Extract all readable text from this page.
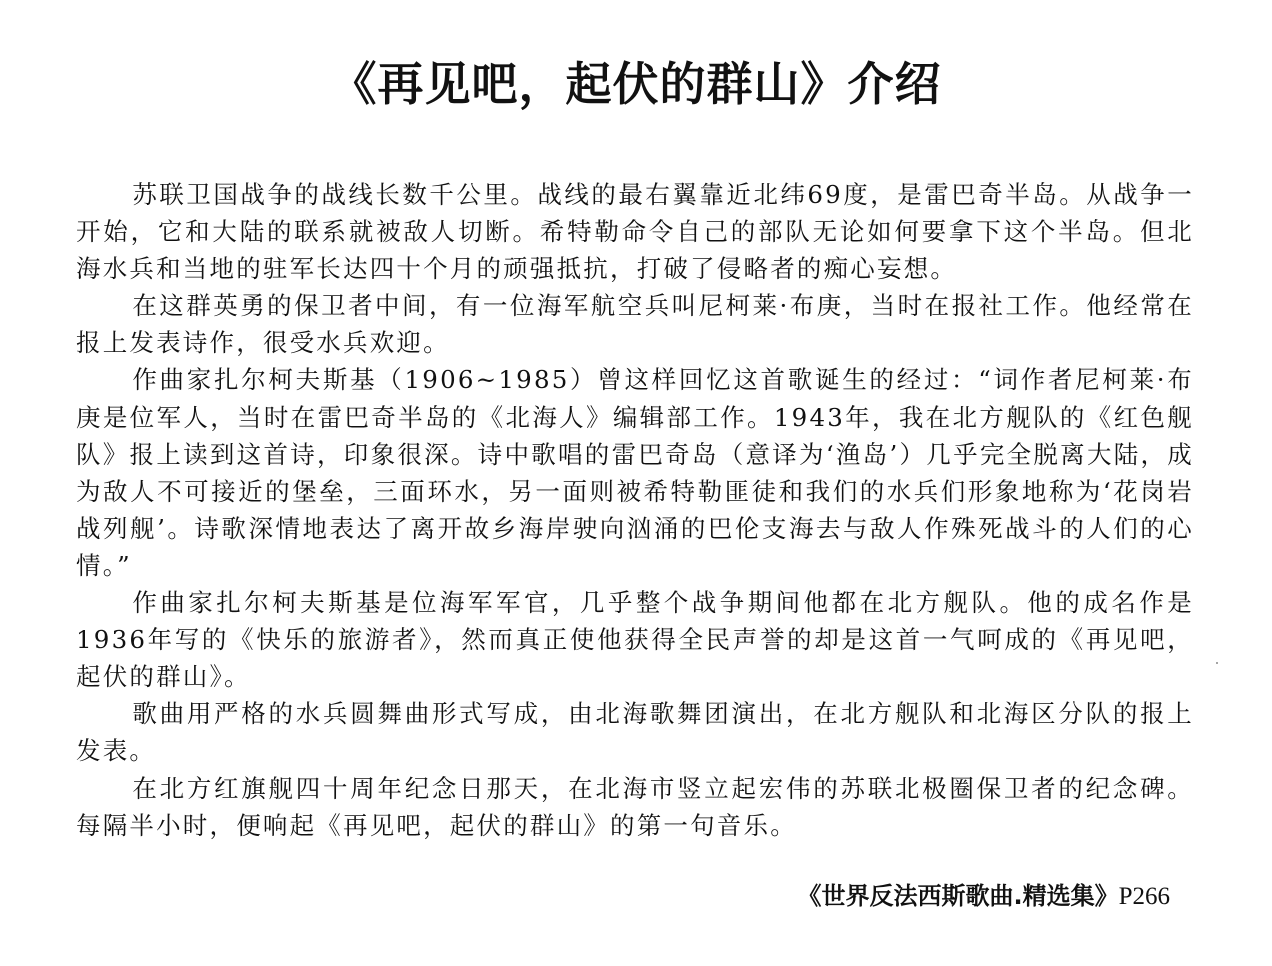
《再见吧，起伏的群山》介绍

苏联卫国战争的战线长数千公里。战线的最右翼靠近北纬69度，是雷巴奇半岛。从战争一开始，它和大陆的联系就被敌人切断。希特勒命令自己的部队无论如何要拿下这个半岛。但北海水兵和当地的驻军长达四十个月的顽强抵抗，打破了侵略者的痴心妄想。

在这群英勇的保卫者中间，有一位海军航空兵叫尼柯莱·布庚，当时在报社工作。他经常在报上发表诗作，很受水兵欢迎。

作曲家扎尔柯夫斯基（1906~1985）曾这样回忆这首歌诞生的经过：“词作者尼柯莱·布庚是位军人，当时在雷巴奇半岛的《北海人》编辑部工作。1943年，我在北方舰队的《红色舰队》报上读到这首诗，印象很深。诗中歌唱的雷巴奇岛（意译为‘渔岛’）几乎完全脱离大陆，成为敌人不可接近的堡垒，三面环水，另一面则被希特勒匪徒和我们的水兵们形象地称为‘花岗岩战列舰’。诗歌深情地表达了离开故乡海岸驶向汹涌的巴伦支海去与敌人作殊死战斗的人们的心情。”

作曲家扎尔柯夫斯基是位海军军官，几乎整个战争期间他都在北方舰队。他的成名作是1936年写的《快乐的旅游者》，然而真正使他获得全民声誉的却是这首一气呵成的《再见吧，起伏的群山》。

歌曲用严格的水兵圆舞曲形式写成，由北海歌舞团演出，在北方舰队和北海区分队的报上发表。

在北方红旗舰四十周年纪念日那天，在北海市竖立起宏伟的苏联北极圈保卫者的纪念碑。每隔半小时，便响起《再见吧，起伏的群山》的第一句音乐。

《世界反法西斯歌曲.精选集》P266
